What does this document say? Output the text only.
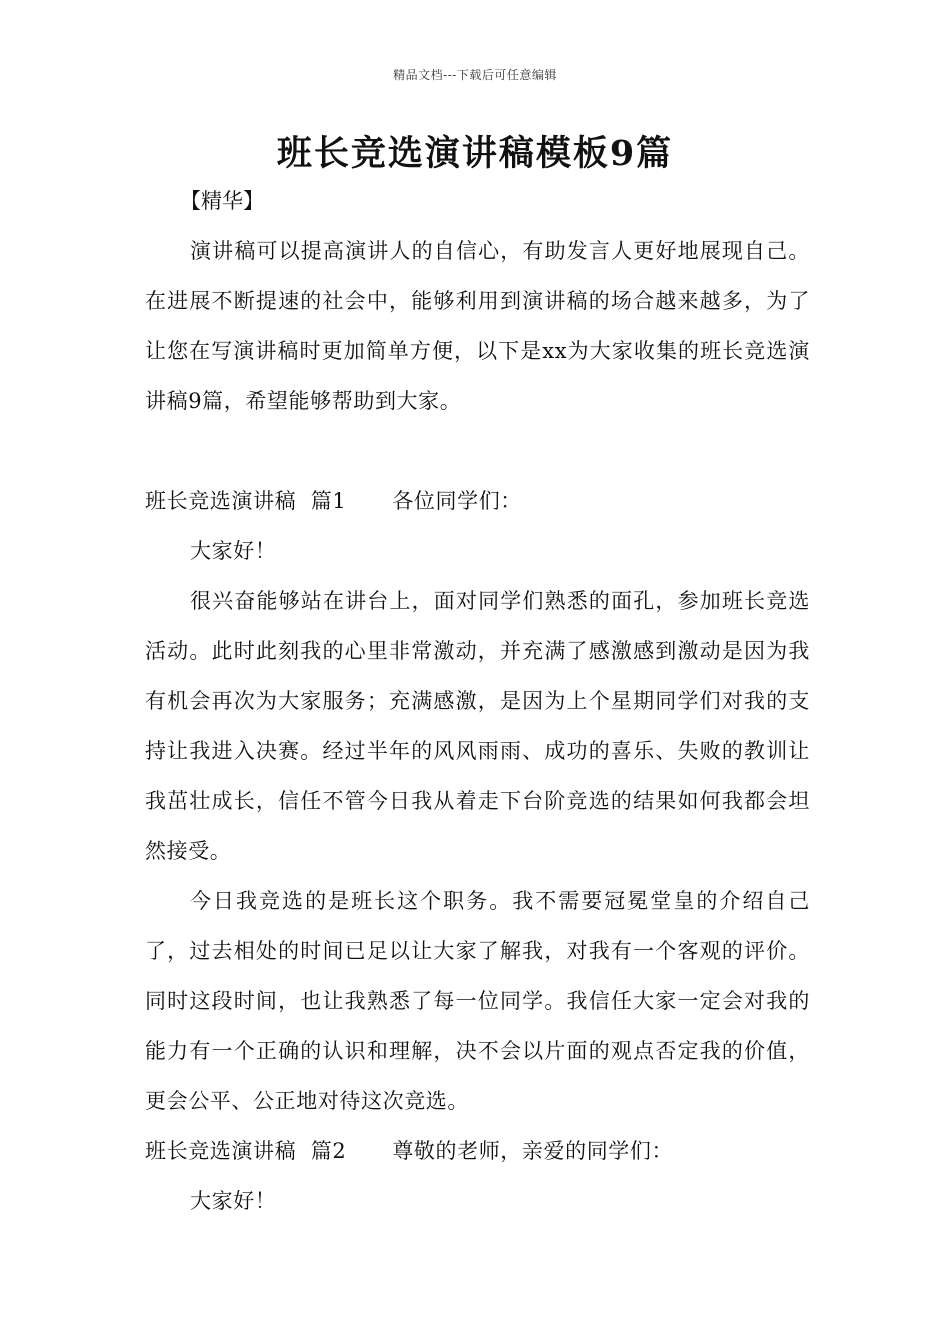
精品文档---下载后可任意编辑
班长竞选演讲稿模板9篇
【精华】

演讲稿可以提高演讲人的自信心，有助发言人更好地展现自己。在进展不断提速的社会中，能够利用到演讲稿的场合越来越多，为了让您在写演讲稿时更加简单方便，以下是xx为大家收集的班长竞选演讲稿9篇，希望能够帮助到大家。

班长竞选演讲稿  篇1 各位同学们：

大家好！

很兴奋能够站在讲台上，面对同学们熟悉的面孔，参加班长竞选活动。此时此刻我的心里非常激动，并充满了感激感到激动是因为我有机会再次为大家服务；充满感激，是因为上个星期同学们对我的支持让我进入决赛。经过半年的风风雨雨、成功的喜乐、失败的教训让我茁壮成长，信任不管今日我从着走下台阶竞选的结果如何我都会坦然接受。

今日我竞选的是班长这个职务。我不需要冠冕堂皇的介绍自己了，过去相处的时间已足以让大家了解我，对我有一个客观的评价。同时这段时间，也让我熟悉了每一位同学。我信任大家一定会对我的能力有一个正确的认识和理解，决不会以片面的观点否定我的价值，更会公平、公正地对待这次竞选。

班长竞选演讲稿  篇2 尊敬的老师，亲爱的同学们：

大家好！
